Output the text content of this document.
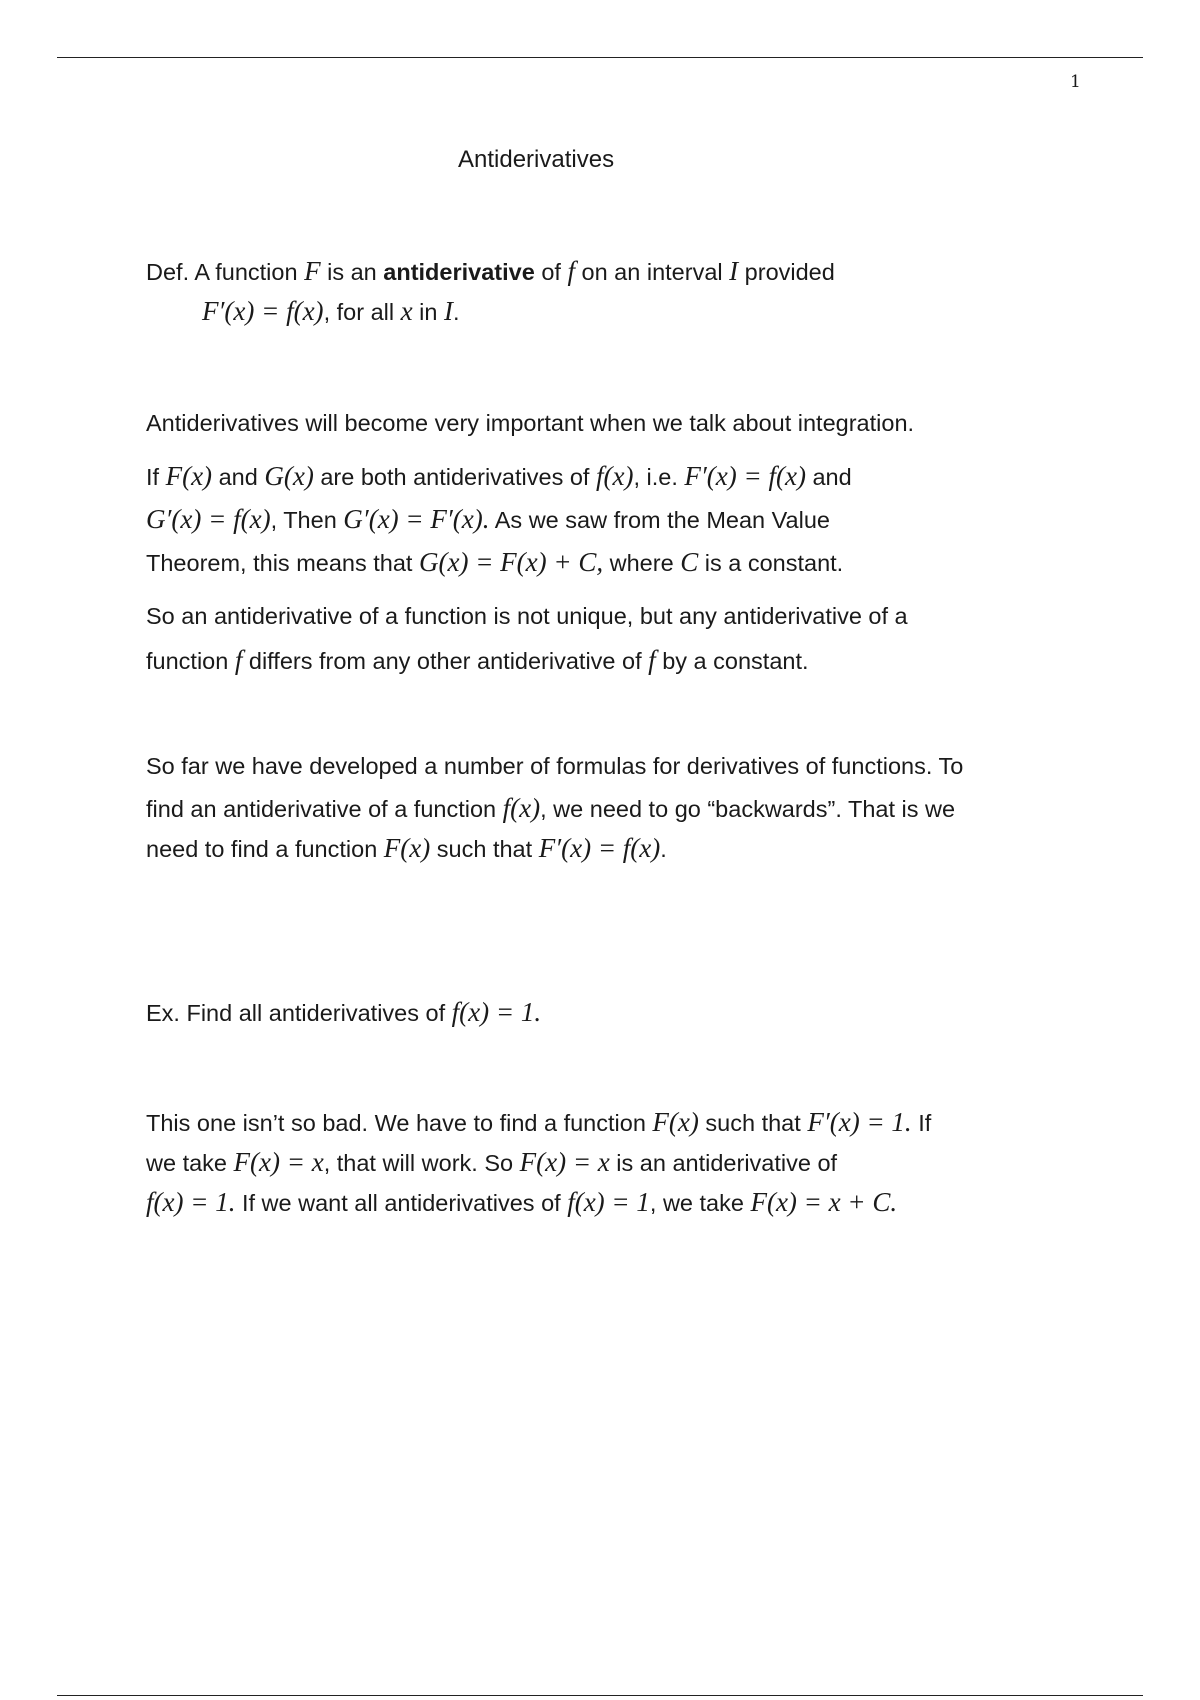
1
Antiderivatives
Def. A function F is an antiderivative of f on an interval I provided
F′(x) = f(x), for all x in I.
Antiderivatives will become very important when we talk about integration.
If F(x) and G(x) are both antiderivatives of f(x), i.e. F′(x) = f(x) and
G′(x) = f(x), Then G′(x) = F′(x). As we saw from the Mean Value
Theorem, this means that G(x) = F(x) + C, where C is a constant.
So an antiderivative of a function is not unique, but any antiderivative of a
function f differs from any other antiderivative of f by a constant.
So far we have developed a number of formulas for derivatives of functions. To
find an antiderivative of a function f(x), we need to go “backwards”. That is we
need to find a function F(x) such that F′(x) = f(x).
Ex. Find all antiderivatives of f(x) = 1.
This one isn’t so bad. We have to find a function F(x) such that F′(x) = 1. If
we take F(x) = x, that will work. So F(x) = x is an antiderivative of
f(x) = 1. If we want all antiderivatives of f(x) = 1, we take F(x) = x + C.
